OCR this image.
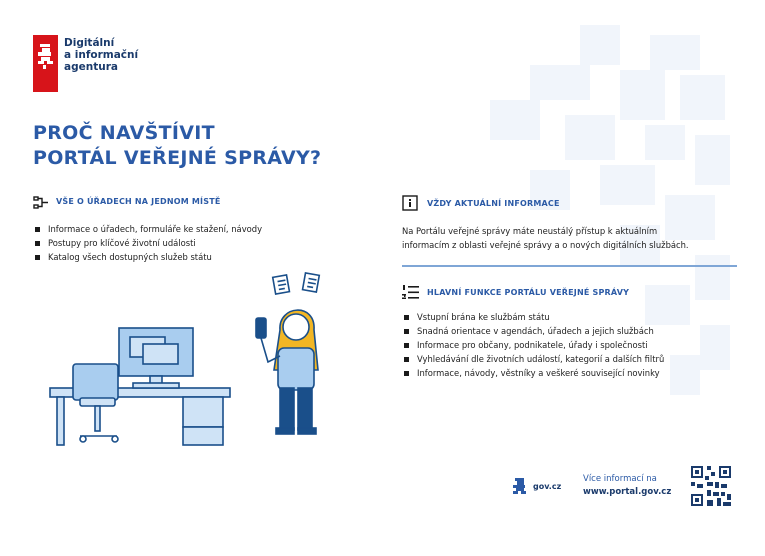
Digitální
a informační
agentura
PROČ NAVŠTÍVIT
PORTÁL VEŘEJNÉ SPRÁVY?
VŠE O ÚŘADECH NA JEDNOM MÍSTĚ
Informace o úřadech, formuláře ke stažení, návody
Postupy pro klíčové životní události
Katalog všech dostupných služeb státu
VŽDY AKTUÁLNÍ INFORMACE
Na Portálu veřejné správy máte neustálý přístup k aktuálním
informacím z oblasti veřejné správy a o nových digitálních službách.
HLAVNÍ FUNKCE PORTÁLU VEŘEJNÉ SPRÁVY
Vstupní brána ke službám státu
Snadná orientace v agendách, úřadech a jejich službách
Informace pro občany, podnikatele, úřady i společnosti
Vyhledávání dle životních událostí, kategorií a dalších filtrů
Informace, návody, věstníky a veškeré související novinky
gov.cz
Více informací na
www.portal.gov.cz
